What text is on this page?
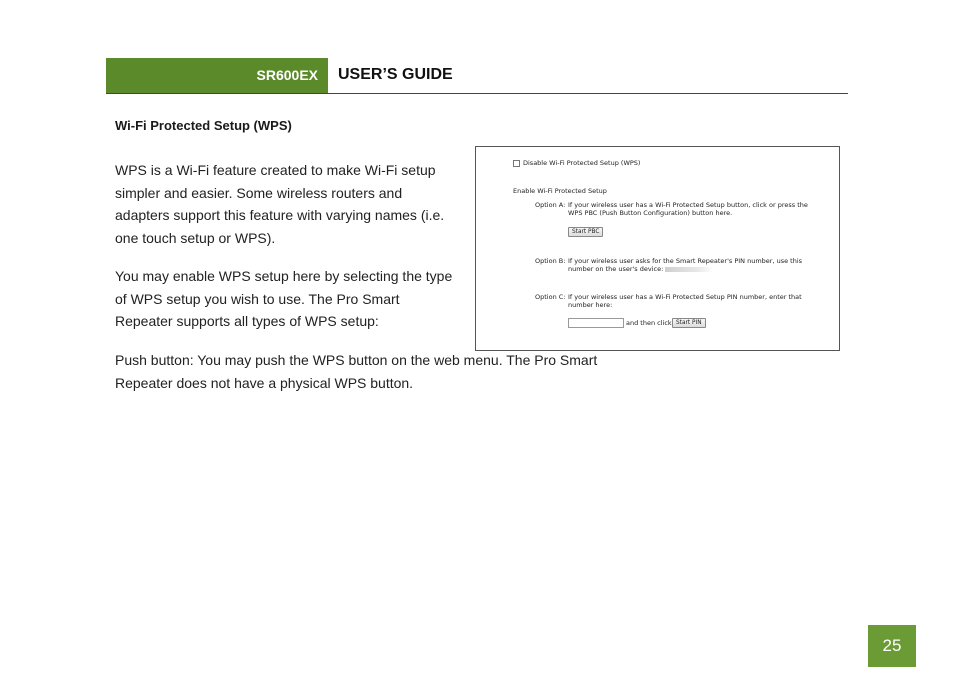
SR600EX USER’S GUIDE
Wi-Fi Protected Setup (WPS)
WPS is a Wi-Fi feature created to make Wi-Fi setup simpler and easier. Some wireless routers and adapters support this feature with varying names (i.e. one touch setup or WPS).
You may enable WPS setup here by selecting the type of WPS setup you wish to use. The Pro Smart Repeater supports all types of WPS setup:
Push button: You may push the WPS button on the web menu. The Pro Smart Repeater does not have a physical WPS button.
Disable Wi-Fi Protected Setup (WPS)
Enable Wi-Fi Protected Setup
Option A: If your wireless user has a Wi-Fi Protected Setup button, click or press the WPS PBC (Push Button Configuration) button here.
Start PBC
Option B: If your wireless user asks for the Smart Repeater's PIN number, use this number on the user's device:
Option C: If your wireless user has a Wi-Fi Protected Setup PIN number, enter that number here:
and then click Start PIN
25
